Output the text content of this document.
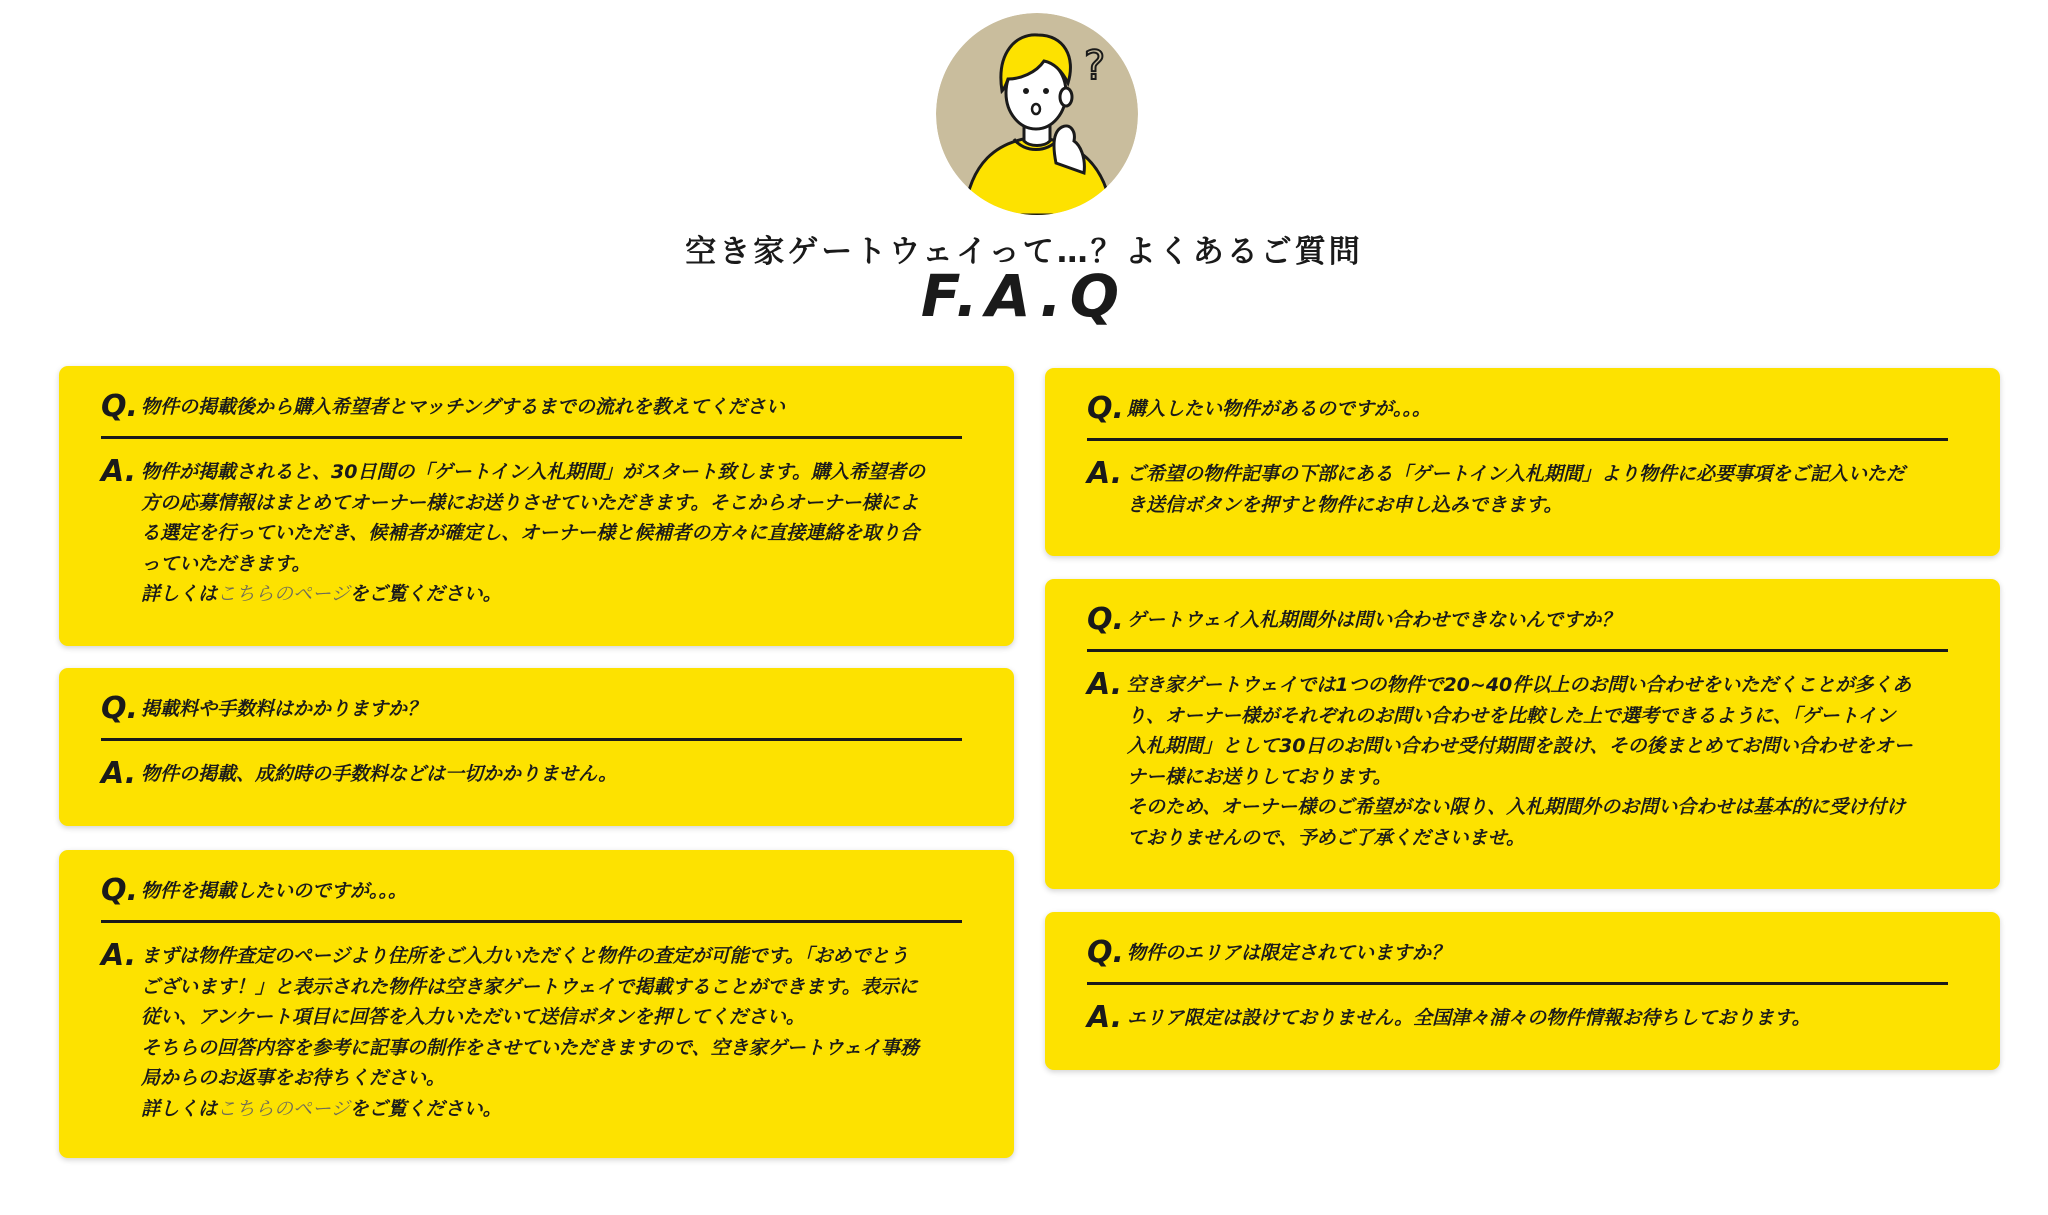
?
空き家ゲートウェイって…？よくあるご質問
F.A.Q
Q. 物件の掲載後から購入希望者とマッチングするまでの流れを教えてください
A. 物件が掲載されると、30日間の「ゲートイン入札期間」がスタート致します。購入希望者の
方の応募情報はまとめてオーナー様にお送りさせていただきます。そこからオーナー様によ
る選定を行っていただき、候補者が確定し、オーナー様と候補者の方々に直接連絡を取り合
っていただきます。
詳しくはこちらのページをご覧ください。
Q. 掲載料や手数料はかかりますか？
A. 物件の掲載、成約時の手数料などは一切かかりません。
Q. 物件を掲載したいのですが。。。
A. まずは物件査定のページより住所をご入力いただくと物件の査定が可能です。「おめでとう
ございます！」と表示された物件は空き家ゲートウェイで掲載することができます。表示に
従い、アンケート項目に回答を入力いただいて送信ボタンを押してください。
そちらの回答内容を参考に記事の制作をさせていただきますので、空き家ゲートウェイ事務
局からのお返事をお待ちください。
詳しくはこちらのページをご覧ください。
Q. 購入したい物件があるのですが。。。
A. ご希望の物件記事の下部にある「ゲートイン入札期間」より物件に必要事項をご記入いただ
き送信ボタンを押すと物件にお申し込みできます。
Q. ゲートウェイ入札期間外は問い合わせできないんですか？
A. 空き家ゲートウェイでは1つの物件で20~40件以上のお問い合わせをいただくことが多くあ
り、オーナー様がそれぞれのお問い合わせを比較した上で選考できるように、「ゲートイン
入札期間」として30日のお問い合わせ受付期間を設け、その後まとめてお問い合わせをオー
ナー様にお送りしております。
そのため、オーナー様のご希望がない限り、入札期間外のお問い合わせは基本的に受け付け
ておりませんので、予めご了承くださいませ。
Q. 物件のエリアは限定されていますか？
A. エリア限定は設けておりません。全国津々浦々の物件情報お待ちしております。
